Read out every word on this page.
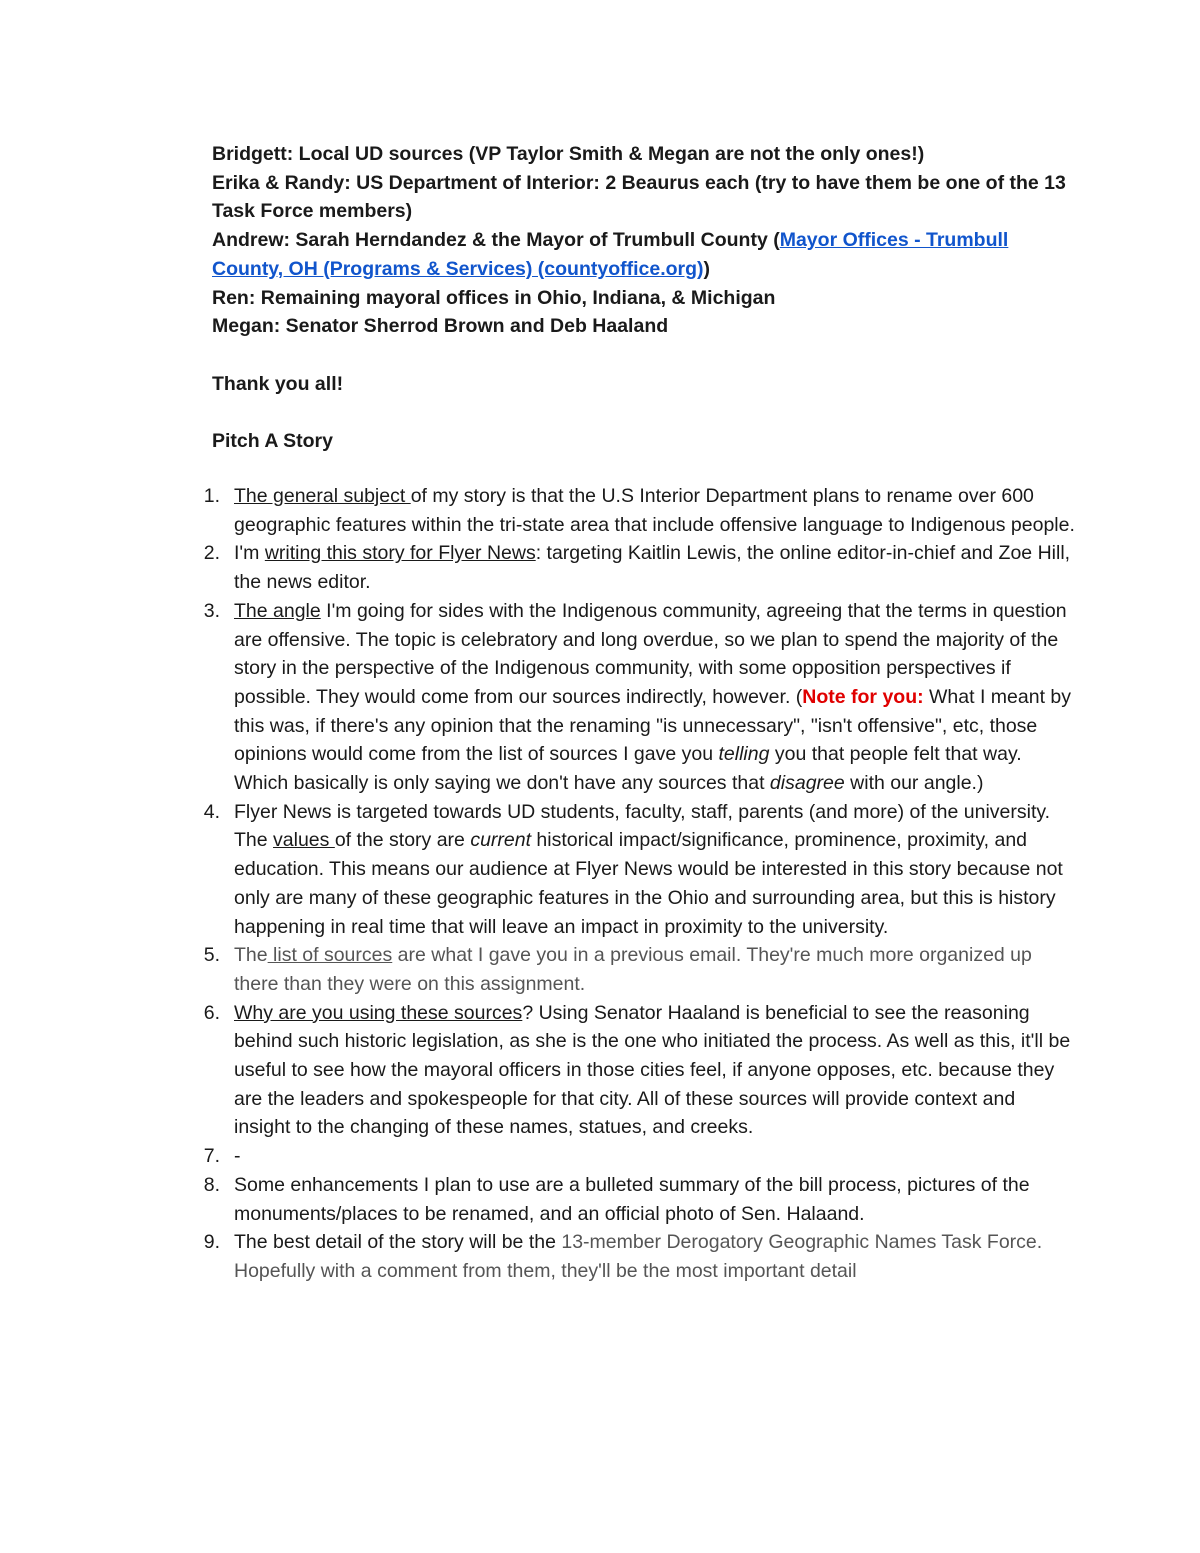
Bridgett: Local UD sources (VP Taylor Smith & Megan are not the only ones!)

Erika & Randy: US Department of Interior: 2 Beaurus each (try to have them be one of the 13 Task Force members)

Andrew: Sarah Herndandez & the Mayor of Trumbull County (Mayor Offices - Trumbull County, OH (Programs & Services) (countyoffice.org))

Ren: Remaining mayoral offices in Ohio, Indiana, & Michigan

Megan: Senator Sherrod Brown and Deb Haaland

Thank you all!

Pitch A Story

1. The general subject of my story is that the U.S Interior Department plans to rename over 600 geographic features within the tri-state area that include offensive language to Indigenous people.
2. I'm writing this story for Flyer News: targeting Kaitlin Lewis, the online editor-in-chief and Zoe Hill, the news editor.
3. The angle I'm going for sides with the Indigenous community, agreeing that the terms in question are offensive. The topic is celebratory and long overdue, so we plan to spend the majority of the story in the perspective of the Indigenous community, with some opposition perspectives if possible. They would come from our sources indirectly, however. (Note for you: What I meant by this was, if there's any opinion that the renaming "is unnecessary", "isn't offensive", etc, those opinions would come from the list of sources I gave you telling you that people felt that way. Which basically is only saying we don't have any sources that disagree with our angle.)
4. Flyer News is targeted towards UD students, faculty, staff, parents (and more) of the university. The values of the story are current historical impact/significance, prominence, proximity, and education. This means our audience at Flyer News would be interested in this story because not only are many of these geographic features in the Ohio and surrounding area, but this is history happening in real time that will leave an impact in proximity to the university.
5. The list of sources are what I gave you in a previous email. They're much more organized up there than they were on this assignment.
6. Why are you using these sources? Using Senator Haaland is beneficial to see the reasoning behind such historic legislation, as she is the one who initiated the process. As well as this, it'll be useful to see how the mayoral officers in those cities feel, if anyone opposes, etc. because they are the leaders and spokespeople for that city. All of these sources will provide context and insight to the changing of these names, statues, and creeks.
7. -
8. Some enhancements I plan to use are a bulleted summary of the bill process, pictures of the monuments/places to be renamed, and an official photo of Sen. Halaand.
9. The best detail of the story will be the 13-member Derogatory Geographic Names Task Force. Hopefully with a comment from them, they'll be the most important detail
